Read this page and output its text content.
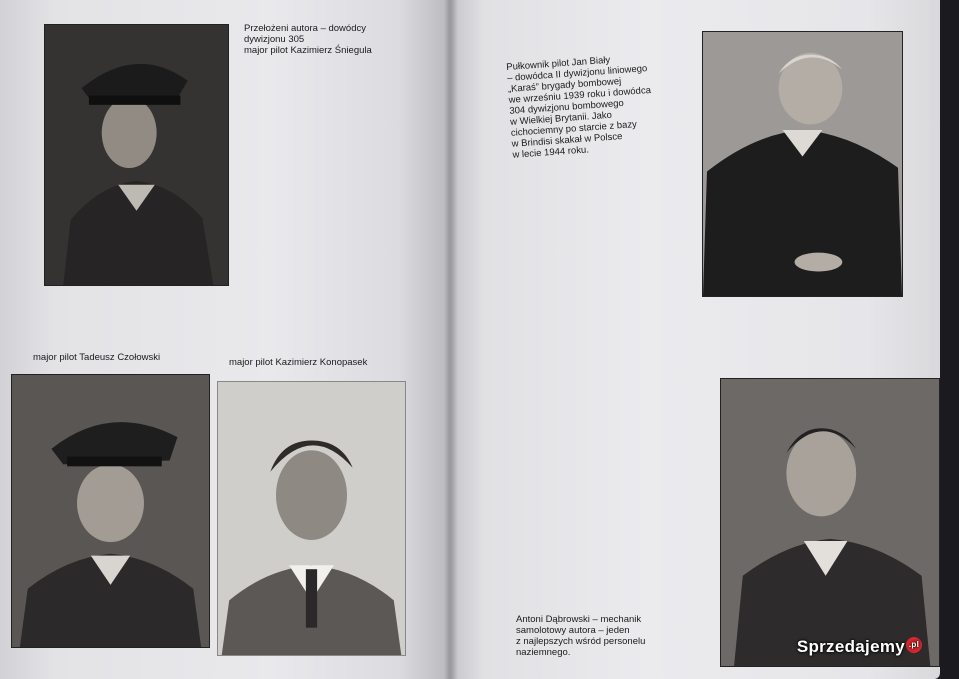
Przełożeni autora – dowódcy
dywizjonu 305
major pilot Kazimierz Śniegula
major pilot Tadeusz Czołowski	major pilot Kazimierz Konopasek
Pułkownik pilot Jan Biały
– dowódca II dywizjonu liniowego
„Karaś” brygady bombowej
we wrześniu 1939 roku i dowódca
304 dywizjonu bombowego
w Wielkiej Brytanii. Jako
cichociemny po starcie z bazy
w Brindisi skakał w Polsce
w lecie 1944 roku.
Antoni Dąbrowski – mechanik
samolotowy autora – jeden
z najlepszych wśród personelu
naziemnego.	Sprzedajemy .pl
